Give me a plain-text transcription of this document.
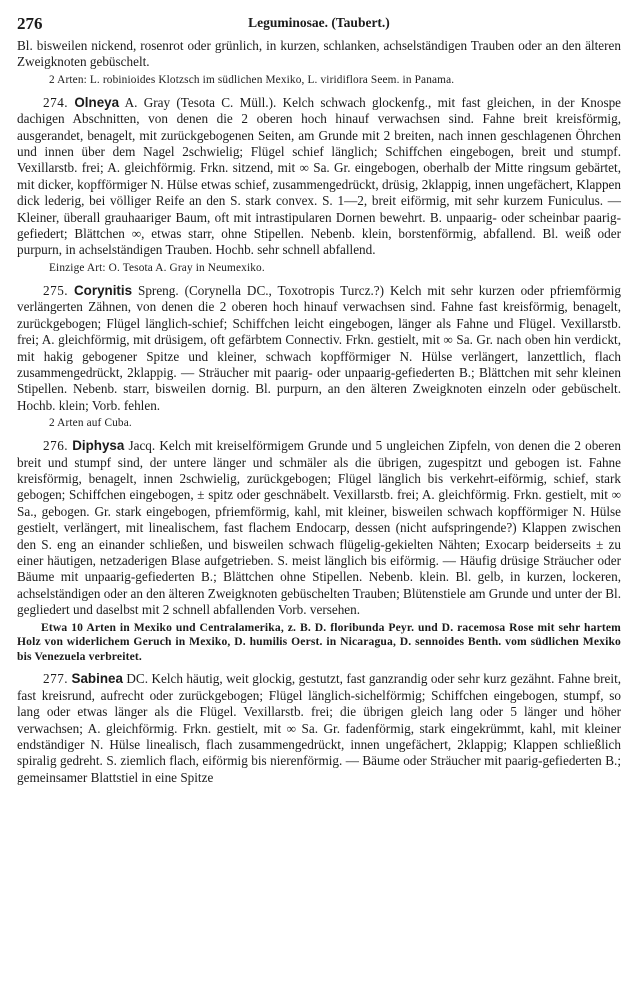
276	Leguminosae. (Taubert.)

Bl. bisweilen nickend, rosenrot oder grünlich, in kurzen, schlanken, achselständigen Trauben oder an den älteren Zweigknoten gebüschelt.

2 Arten: L. robinioides Klotzsch im südlichen Mexiko, L. viridiflora Seem. in Panama.

274. Olneya A. Gray (Tesota C. Müll.). Kelch schwach glockenfg., mit fast gleichen, in der Knospe dachigen Abschnitten, von denen die 2 oberen hoch hinauf verwachsen sind. Fahne breit kreisförmig, ausgerandet, benagelt, mit zurückgebogenen Seiten, am Grunde mit 2 breiten, nach innen geschlagenen Öhrchen und innen über dem Nagel 2schwielig; Flügel schief länglich; Schiffchen eingebogen, breit und stumpf. Vexillarstb. frei; A. gleichförmig. Frkn. sitzend, mit ∞ Sa. Gr. eingebogen, oberhalb der Mitte ringsum gebärtet, mit dicker, kopfförmiger N. Hülse etwas schief, zusammengedrückt, drüsig, 2klappig, innen ungefächert, Klappen dick lederig, bei völliger Reife an den S. stark convex. S. 1—2, breit eiförmig, mit sehr kurzem Funiculus. — Kleiner, überall grauhaariger Baum, oft mit intrastipularen Dornen bewehrt. B. unpaarig- oder scheinbar paarig-gefiedert; Blättchen ∞, etwas starr, ohne Stipellen. Nebenb. klein, borstenförmig, abfallend. Bl. weiß oder purpurn, in achselständigen Trauben. Hochb. sehr schnell abfallend.

Einzige Art: O. Tesota A. Gray in Neumexiko.

275. Corynitis Spreng. (Corynella DC., Toxotropis Turcz.?) Kelch mit sehr kurzen oder pfriemförmig verlängerten Zähnen, von denen die 2 oberen hoch hinauf verwachsen sind. Fahne fast kreisförmig, benagelt, zurückgebogen; Flügel länglich-schief; Schiffchen leicht eingebogen, länger als Fahne und Flügel. Vexillarstb. frei; A. gleichförmig, mit drüsigem, oft gefärbtem Connectiv. Frkn. gestielt, mit ∞ Sa. Gr. nach oben hin verdickt, mit hakig gebogener Spitze und kleiner, schwach kopfförmiger N. Hülse verlängert, lanzettlich, flach zusammengedrückt, 2klappig. — Sträucher mit paarig- oder unpaarig-gefiederten B.; Blättchen mit sehr kleinen Stipellen. Nebenb. starr, bisweilen dornig. Bl. purpurn, an den älteren Zweigknoten einzeln oder gebüschelt. Hochb. klein; Vorb. fehlen.

2 Arten auf Cuba.

276. Diphysa Jacq. Kelch mit kreiselförmigem Grunde und 5 ungleichen Zipfeln, von denen die 2 oberen breit und stumpf sind, der untere länger und schmäler als die übrigen, zugespitzt und gebogen ist. Fahne kreisförmig, benagelt, innen 2schwielig, zurückgebogen; Flügel länglich bis verkehrt-eiförmig, schief, stark gebogen; Schiffchen eingebogen, ± spitz oder geschnäbelt. Vexillarstb. frei; A. gleichförmig. Frkn. gestielt, mit ∞ Sa., gebogen. Gr. stark eingebogen, pfriemförmig, kahl, mit kleiner, bisweilen schwach kopfförmiger N. Hülse gestielt, verlängert, mit linealischem, fast flachem Endocarp, dessen (nicht aufspringende?) Klappen zwischen den S. eng an einander schließen, und bisweilen schwach flügelig-gekielten Nähten; Exocarp beiderseits ± zu einer häutigen, netzaderigen Blase aufgetrieben. S. meist länglich bis eiförmig. — Häufig drüsige Sträucher oder Bäume mit unpaarig-gefiederten B.; Blättchen ohne Stipellen. Nebenb. klein. Bl. gelb, in kurzen, lockeren, achselständigen oder an den älteren Zweigknoten gebüschelten Trauben; Blütenstiele am Grunde und unter der Bl. gegliedert und daselbst mit 2 schnell abfallenden Vorb. versehen.

Etwa 10 Arten in Mexiko und Centralamerika, z. B. D. floribunda Peyr. und D. racemosa Rose mit sehr hartem Holz von widerlichem Geruch in Mexiko, D. humilis Oerst. in Nicaragua, D. sennoides Benth. vom südlichen Mexiko bis Venezuela verbreitet.

277. Sabinea DC. Kelch häutig, weit glockig, gestutzt, fast ganzrandig oder sehr kurz gezähnt. Fahne breit, fast kreisrund, aufrecht oder zurückgebogen; Flügel länglich-sichelförmig; Schiffchen eingebogen, stumpf, so lang oder etwas länger als die Flügel. Vexillarstb. frei; die übrigen gleich lang oder 5 länger und höher verwachsen; A. gleichförmig. Frkn. gestielt, mit ∞ Sa. Gr. fadenförmig, stark eingekrümmt, kahl, mit kleiner endständiger N. Hülse linealisch, flach zusammengedrückt, innen ungefächert, 2klappig; Klappen schließlich spiralig gedreht. S. ziemlich flach, eiförmig bis nierenförmig. — Bäume oder Sträucher mit paarig-gefiederten B.; gemeinsamer Blattstiel in eine Spitze
